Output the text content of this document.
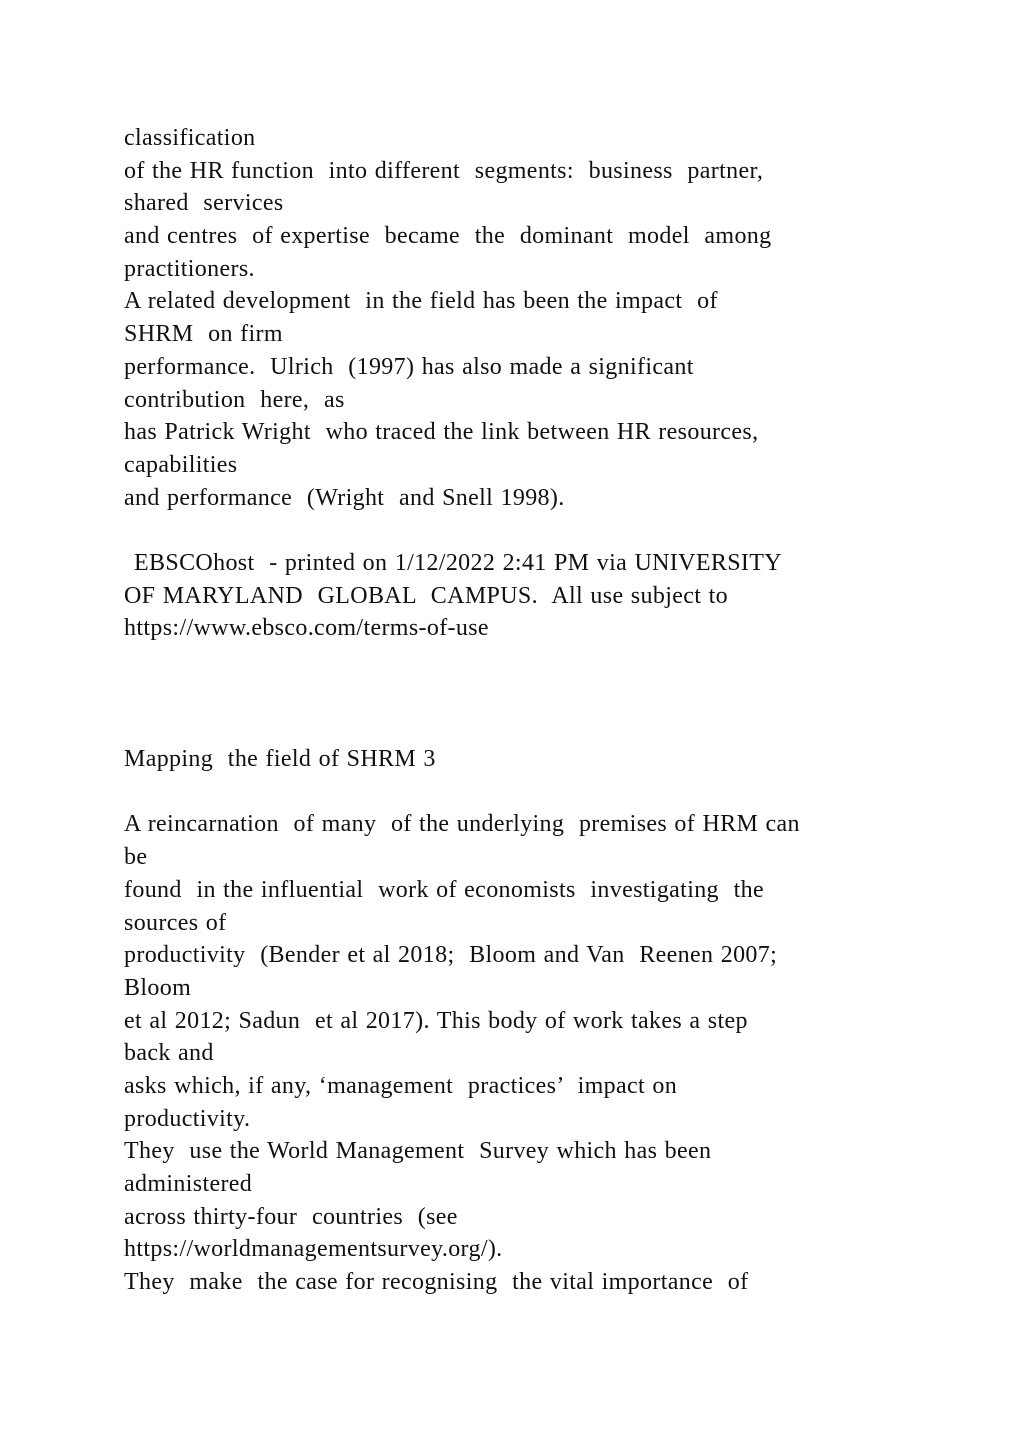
classification
of the HR function  into different  segments:  business  partner,
shared  services
and centres  of expertise  became  the  dominant  model  among
practitioners.
A related development  in the field has been the impact  of
SHRM  on firm
performance.  Ulrich  (1997) has also made a significant
contribution  here,  as
has Patrick Wright  who traced the link between HR resources,
capabilities
and performance  (Wright  and Snell 1998).
EBSCOhost  - printed on 1/12/2022 2:41 PM via UNIVERSITY
OF MARYLAND  GLOBAL  CAMPUS.  All use subject to
https://www.ebsco.com/terms-of-use
Mapping  the field of SHRM 3
A reincarnation  of many  of the underlying  premises of HRM can
be
found  in the influential  work of economists  investigating  the
sources of
productivity  (Bender et al 2018;  Bloom and Van  Reenen 2007;
Bloom
et al 2012; Sadun  et al 2017). This body of work takes a step
back and
asks which, if any, ‘management  practices’  impact on
productivity.
They  use the World Management  Survey which has been
administered
across thirty-four  countries  (see
https://worldmanagementsurvey.org/).
They  make  the case for recognising  the vital importance  of
